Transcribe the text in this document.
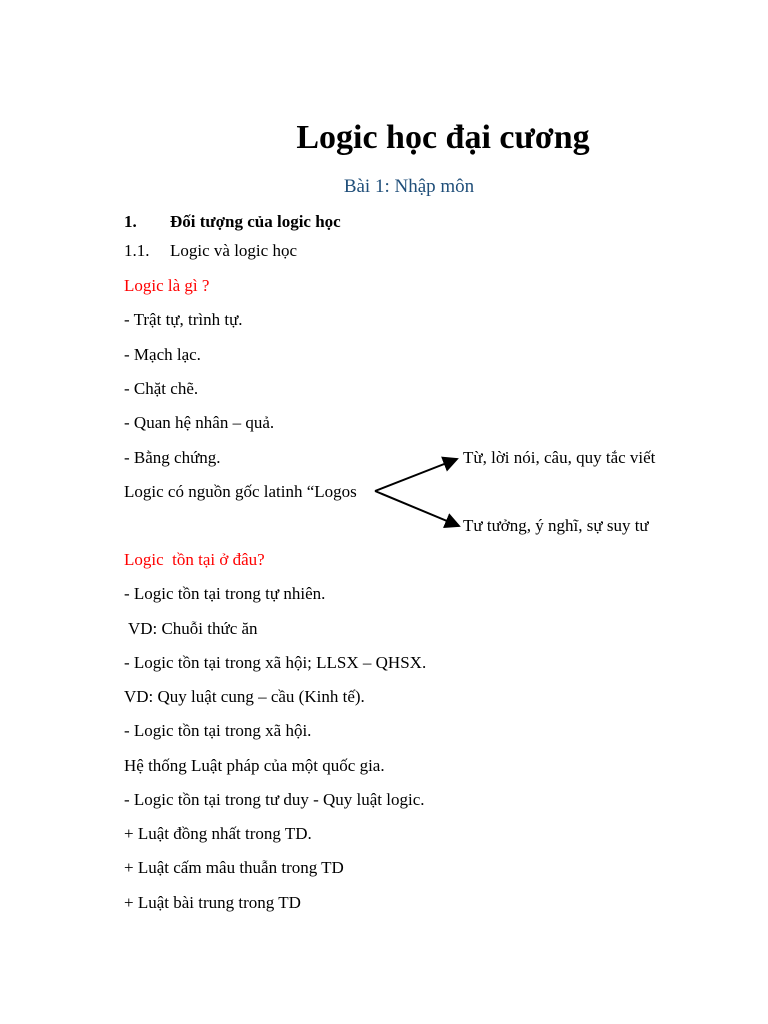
Logic học đại cương
Bài 1: Nhập môn
1. Đối tượng của logic học
1.1. Logic và logic học
Logic là gì ?
- Trật tự, trình tự.
- Mạch lạc.
- Chặt chẽ.
- Quan hệ nhân – quả.
- Bằng chứng.	Từ, lời nói, câu, quy tắc viết
Logic có nguồn gốc latinh “Logos
Tư tưởng, ý nghĩ, sự suy tư
Logic  tồn tại ở đâu?
- Logic tồn tại trong tự nhiên.
VD: Chuỗi thức ăn
- Logic tồn tại trong xã hội; LLSX – QHSX.
VD: Quy luật cung – cầu (Kinh tế).
- Logic tồn tại trong xã hội.
Hệ thống Luật pháp của một quốc gia.
- Logic tồn tại trong tư duy - Quy luật logic.
+ Luật đồng nhất trong TD.
+ Luật cấm mâu thuẫn trong TD
+ Luật bài trung trong TD
